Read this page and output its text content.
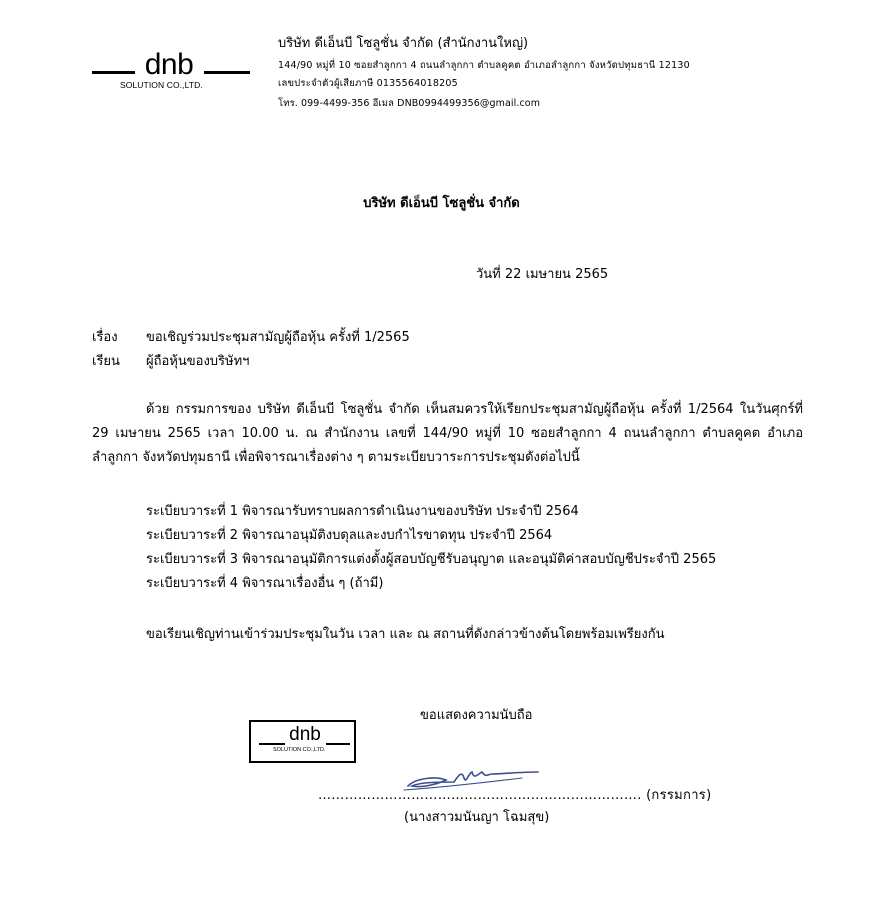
dnb
SOLUTION CO.,LTD.
บริษัท ดีเอ็นบี โซลูชั่น จำกัด (สำนักงานใหญ่)
144/90 หมู่ที่ 10 ซอยสำลูกกา 4 ถนนลำลูกกา ตำบลคูคต อำเภอลำลูกกา จังหวัดปทุมธานี 12130
เลขประจำตัวผู้เสียภาษี 0135564018205
โทร. 099-4499-356 อีเมล DNB0994499356@gmail.com
บริษัท ดีเอ็นบี โซลูชั่น จำกัด
วันที่ 22 เมษายน 2565
เรื่อง ขอเชิญร่วมประชุมสามัญผู้ถือหุ้น ครั้งที่ 1/2565
เรียน ผู้ถือหุ้นของบริษัทฯ
ด้วย กรรมการของ บริษัท ดีเอ็นบี โซลูชั่น จำกัด เห็นสมควรให้เรียกประชุมสามัญผู้ถือหุ้น ครั้งที่ 1/2564 ในวันศุกร์ที่ 29 เมษายน 2565 เวลา 10.00 น. ณ สำนักงาน เลขที่ 144/90 หมู่ที่ 10 ซอยสำลูกกา 4 ถนนลำลูกกา ตำบลคูคต อำเภอลำลูกกา จังหวัดปทุมธานี เพื่อพิจารณาเรื่องต่าง ๆ ตามระเบียบวาระการประชุมดังต่อไปนี้
ระเบียบวาระที่ 1 พิจารณารับทราบผลการดำเนินงานของบริษัท ประจำปี 2564
ระเบียบวาระที่ 2 พิจารณาอนุมัติงบดุลและงบกำไรขาดทุน ประจำปี 2564
ระเบียบวาระที่ 3 พิจารณาอนุมัติการแต่งตั้งผู้สอบบัญชีรับอนุญาต และอนุมัติค่าสอบบัญชีประจำปี 2565
ระเบียบวาระที่ 4 พิจารณาเรื่องอื่น ๆ (ถ้ามี)
ขอเรียนเชิญท่านเข้าร่วมประชุมในวัน เวลา และ ณ สถานที่ดังกล่าวข้างต้นโดยพร้อมเพรียงกัน
ขอแสดงความนับถือ
dnb
SOLUTION CO.,LTD.
………………………………………………………………. (กรรมการ)
(นางสาวมนันญา โฉมสุข)
